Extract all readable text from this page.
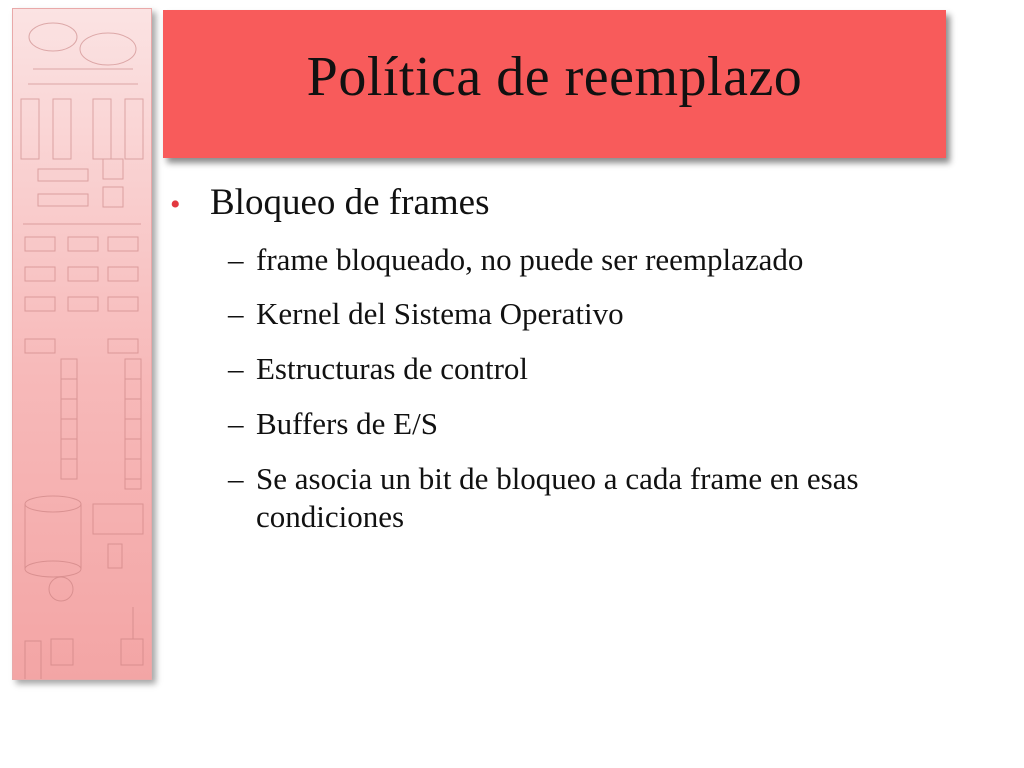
Política de reemplazo
• Bloqueo de frames
– frame bloqueado, no puede ser reemplazado
– Kernel del Sistema Operativo
– Estructuras de control
– Buffers de E/S
– Se asocia un bit de bloqueo a cada frame en esas condiciones
